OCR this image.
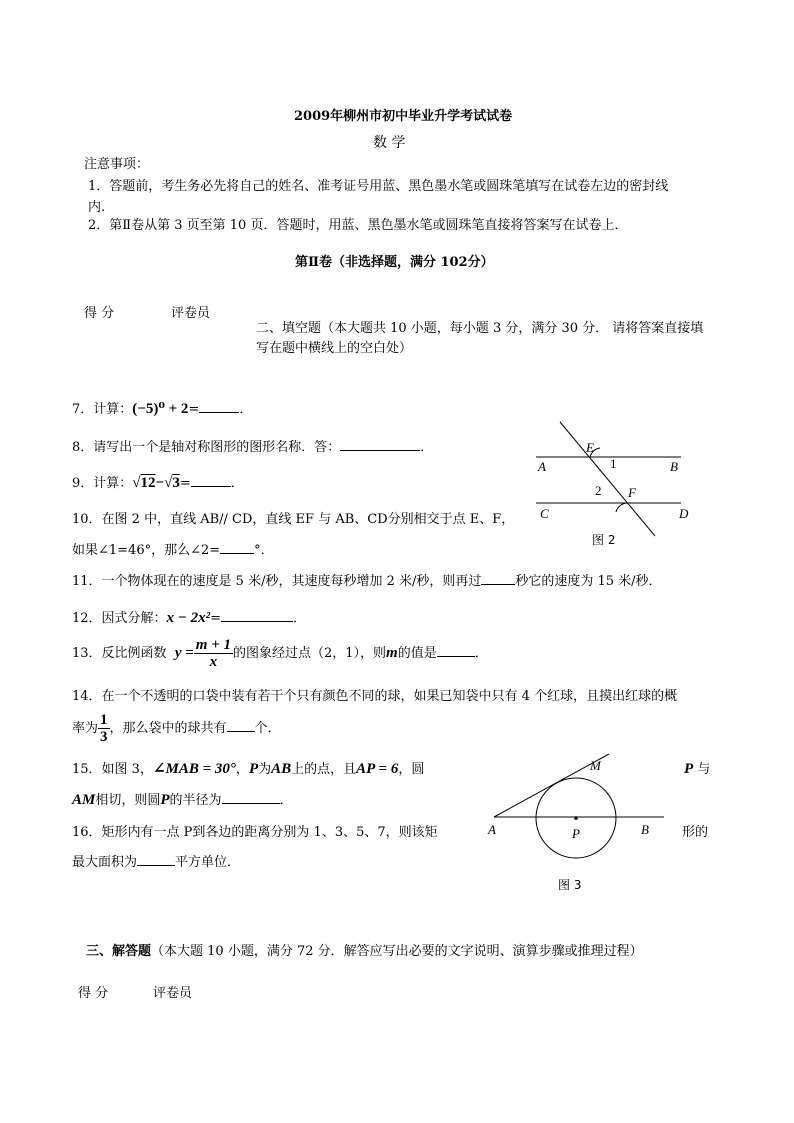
2009年柳州市初中毕业升学考试试卷
数 学
注意事项：
1．答题前，考生务必先将自己的姓名、准考证号用蓝、黑色墨水笔或圆珠笔填写在试卷左边的密封线
内.
2．第Ⅱ卷从第 3 页至第 10 页．答题时，用蓝、黑色墨水笔或圆珠笔直接将答案写在试卷上．
第Ⅱ卷（非选择题，满分 102分）
得 分	评卷员
二、填空题（本大题共 10 小题，每小题 3 分，满分 30 分． 请将答案直接填
写在题中横线上的空白处）
7．计算：(−5)⁰ + 2=	．
8．请写出一个是轴对称图形的图形名称．答：	．
9．计算：√12−√3=	．
10．在图 2 中，直线 AB// CD，直线 EF 与 AB、CD分别相交于点 E、F，
如果∠1=46°，那么∠2=	°．
E
1
A	B
2 F
C	D
图 2
11．一个物体现在的速度是 5 米/秒，其速度每秒增加 2 米/秒，则再过	秒它的速度为 15 米/秒．
12．因式分解：x − 2x²=	．
13．反比例函数 $y = \frac{m + 1}{x}$ 的图象经过点（2，1），则m的值是	．
14．在一个不透明的口袋中装有若干个只有颜色不同的球，如果已知袋中只有 4 个红球，且摸出红球的概
率为 $\frac{1}{3}$ ，那么袋中的球共有 个．
15．如图 3，∠MAB = 30°，P为AB上的点，且AP = 6，圆	P 与
AM相切，则圆P的半径为	．
M
A	P	B
图 3
16．矩形内有一点 P到各边的距离分别为 1、3、5、7，则该矩	形的
最大面积为	平方单位．
三、解答题（本大题 10 小题，满分 72 分．解答应写出必要的文字说明、演算步骤或推理过程）
得 分	评卷员
